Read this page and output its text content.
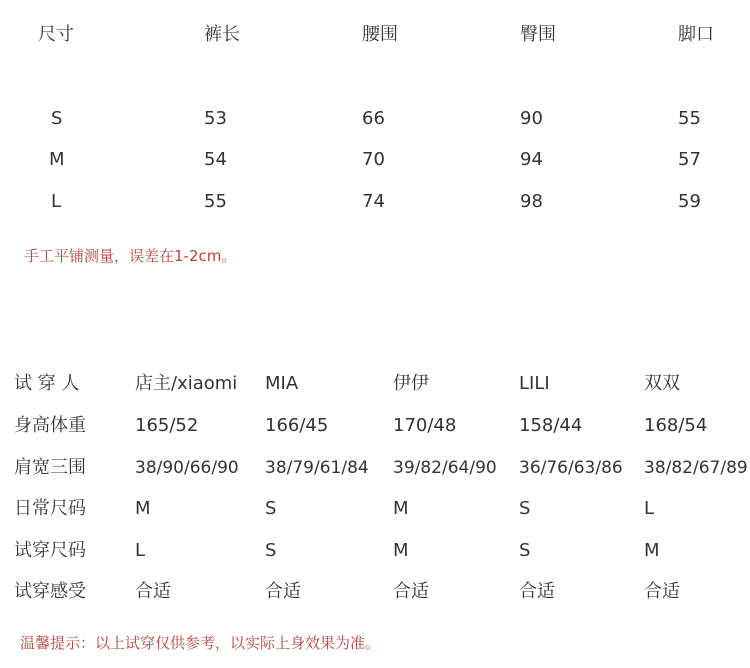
尺寸	裤长	腰围	臀围	脚口
S	53	66	90	55
M	54	70	94	57
L	55	74	98	59
手工平铺测量，误差在1-2cm。
试 穿 人	店主/xiaomi MIA	伊伊	LILI	双双
身高体重	165/52	166/45	170/48	158/44	168/54
肩宽三围	38/90/66/90 38/79/61/84 39/82/64/90 36/76/63/86 38/82/67/89
日常尺码	M	S	M	S	L
试穿尺码	L	S	M	S	M
试穿感受	合适	合适	合适	合适	合适
温馨提示：以上试穿仅供参考，以实际上身效果为准。
